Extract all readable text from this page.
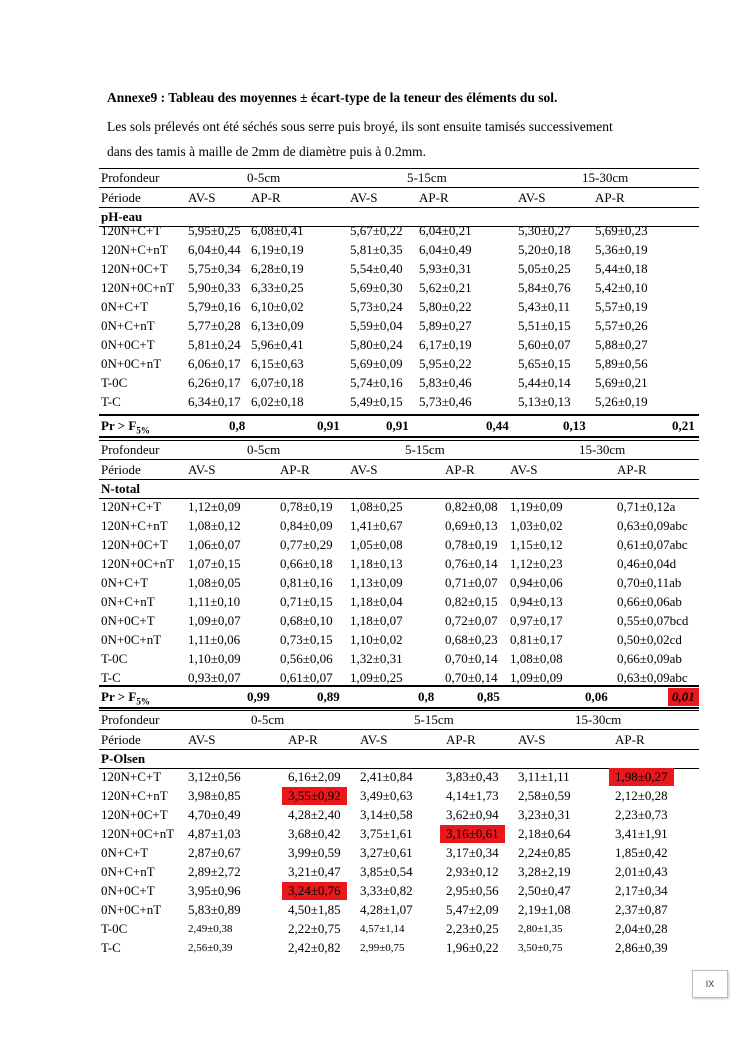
Annexe9 : Tableau des moyennes ± écart-type de la teneur des éléments du sol.
Les sols prélevés ont été séchés sous serre puis broyé, ils sont ensuite tamisés successivement
dans des tamis à maille de 2mm de diamètre puis à 0.2mm.
Profondeur	0-5cm	5-15cm	15-30cm
Période	AV-S	AP-R	AV-S	AP-R	AV-S	AP-R
pH-eau
120N+C+T 5,95±0,25 6,08±0,41	5,67±0,22 6,04±0,21	5,30±0,27 5,69±0,23
120N+C+nT 6,04±0,44 6,19±0,19	5,81±0,35 6,04±0,49	5,20±0,18 5,36±0,19
120N+0C+T 5,75±0,34 6,28±0,19	5,54±0,40 5,93±0,31	5,05±0,25 5,44±0,18
120N+0C+nT 5,90±0,33 6,33±0,25	5,69±0,30 5,62±0,21	5,84±0,76 5,42±0,10
0N+C+T	5,79±0,16 6,10±0,02	5,73±0,24 5,80±0,22	5,43±0,11 5,57±0,19
0N+C+nT	5,77±0,28 6,13±0,09	5,59±0,04 5,89±0,27	5,51±0,15 5,57±0,26
0N+0C+T	5,81±0,24 5,96±0,41	5,80±0,24 6,17±0,19	5,60±0,07 5,88±0,27
0N+0C+nT 6,06±0,17 6,15±0,63	5,69±0,09 5,95±0,22	5,65±0,15 5,89±0,56
T-0C	6,26±0,17 6,07±0,18	5,74±0,16 5,83±0,46	5,44±0,14 5,69±0,21
T-C	6,34±0,17 6,02±0,18	5,49±0,15 5,73±0,46	5,13±0,13 5,26±0,19
$Pr > F_{5\%}$	0,8	0,91	0,91	0,44	0,13	0,21
Profondeur	0-5cm	5-15cm	15-30cm
Période	AV-S	AP-R	AV-S	AP-R	AV-S	AP-R
N-total
120N+C+T 1,12±0,09	0,78±0,19 1,08±0,25	0,82±0,08 1,19±0,09	0,71±0,12a
120N+C+nT 1,08±0,12	0,84±0,09 1,41±0,67	0,69±0,13 1,03±0,02	0,63±0,09abc
120N+0C+T 1,06±0,07	0,77±0,29 1,05±0,08	0,78±0,19 1,15±0,12	0,61±0,07abc
120N+0C+nT 1,07±0,15	0,66±0,18 1,18±0,13	0,76±0,14 1,12±0,23	0,46±0,04d
0N+C+T	1,08±0,05	0,81±0,16 1,13±0,09	0,71±0,07 0,94±0,06	0,70±0,11ab
0N+C+nT	1,11±0,10	0,71±0,15 1,18±0,04	0,82±0,15 0,94±0,13	0,66±0,06ab
0N+0C+T	1,09±0,07	0,68±0,10 1,18±0,07	0,72±0,07 0,97±0,17	0,55±0,07bcd
0N+0C+nT 1,11±0,06	0,73±0,15 1,10±0,02	0,68±0,23 0,81±0,17	0,50±0,02cd
T-0C	1,10±0,09	0,56±0,06 1,32±0,31	0,70±0,14 1,08±0,08	0,66±0,09ab
T-C	0,93±0,07	0,61±0,07 1,09±0,25	0,70±0,14 1,09±0,09	0,63±0,09abc
$Pr > F_{5\%}$	0,99	0,89	0,8	0,85	0,06	0,01
Profondeur	0-5cm	5-15cm	15-30cm
Période	AV-S	AP-R	AV-S	AP-R	AV-S	AP-R
P-Olsen
120N+C+T 3,12±0,56	6,16±2,09 2,41±0,84	3,83±0,43 3,11±1,11	1,98±0,27
120N+C+nT 3,98±0,85	3,55±0,92	3,49±0,63	4,14±1,73 2,58±0,59	2,12±0,28
120N+0C+T 4,70±0,49	4,28±2,40 3,14±0,58	3,62±0,94 3,23±0,31	2,23±0,73
120N+0C+nT 4,87±1,03	3,68±0,42 3,75±1,61	3,16±0,61	2,18±0,64	3,41±1,91
0N+C+T	2,87±0,67	3,99±0,59 3,27±0,61	3,17±0,34 2,24±0,85	1,85±0,42
0N+C+nT	2,89±2,72	3,21±0,47 3,85±0,54	2,93±0,12 3,28±2,19	2,01±0,43
0N+0C+T	3,95±0,96	3,24±0,76	3,33±0,82	2,95±0,56 2,50±0,47	2,17±0,34
0N+0C+nT 5,83±0,89	4,50±1,85 4,28±1,07	5,47±2,09 2,19±1,08	2,37±0,87
T-0C	2,49±0,38	2,22±0,75 4,57±1,14	2,23±0,25 2,80±1,35	2,04±0,28
T-C	2,56±0,39	2,42±0,82 2,99±0,75	1,96±0,22 3,50±0,75	2,86±0,39
IX
